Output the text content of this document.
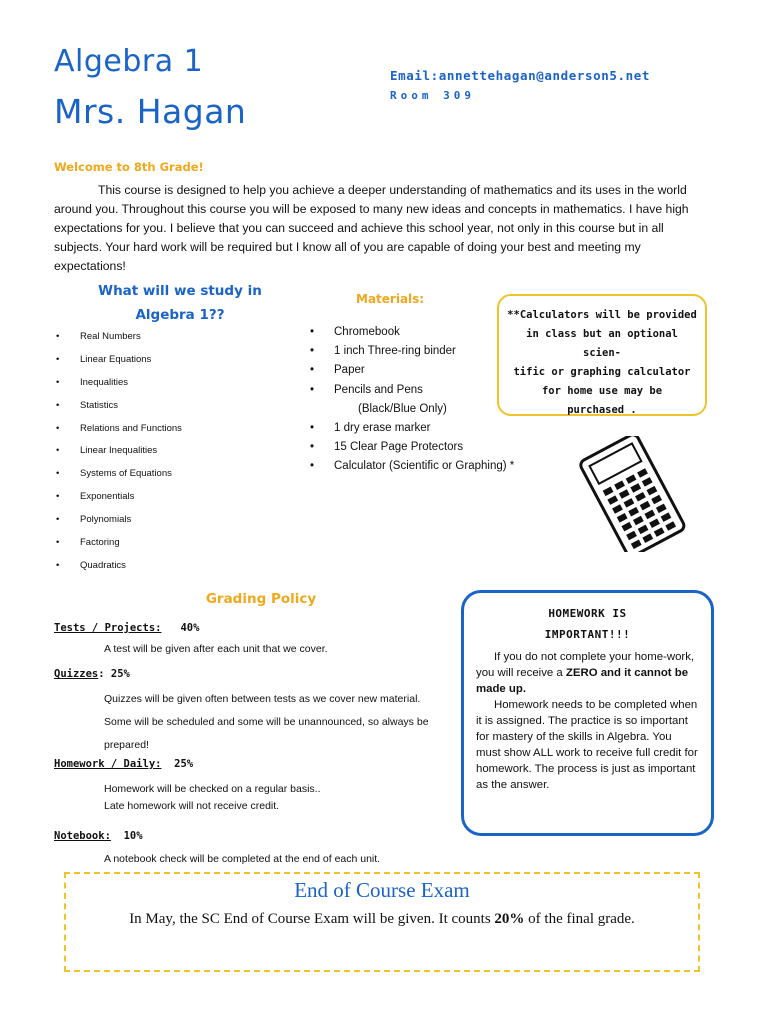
Algebra 1
Mrs. Hagan
Email:annettehagan@anderson5.net
Room 309
Welcome to 8th Grade!
This course is designed to help you achieve a deeper understanding of mathematics and its uses in the world around you. Throughout this course you will be exposed to many new ideas and concepts in mathematics. I have high expectations for you. I believe that you can succeed and achieve this school year, not only in this course but in all subjects. Your hard work will be required but I know all of you are capable of doing your best and meeting my expectations!
What will we study in
Algebra 1??
• Real Numbers
• Linear Equations
• Inequalities
• Statistics
• Relations and Functions
• Linear Inequalities
• Systems of Equations
• Exponentials
• Polynomials
• Factoring
• Quadratics
Materials:
• Chromebook
• 1 inch Three-ring binder
• Paper
• Pencils and Pens
(Black/Blue Only)
• 1 dry erase marker
• 15 Clear Page Protectors
• Calculator (Scientific or Graphing) *
**Calculators will be provided
in class but an optional scien-
tific or graphing calculator
for home use may be
purchased .
Grading Policy
Tests / Projects: 40%
A test will be given after each unit that we cover.
Quizzes: 25%
Quizzes will be given often between tests as we cover new material. Some will be scheduled and some will be unannounced, so always be prepared!
Homework / Daily: 25%
Homework will be checked on a regular basis..
Late homework will not receive credit.
Notebook: 10%
A notebook check will be completed at the end of each unit.
HOMEWORK IS
IMPORTANT!!!

If you do not complete your home-work, you will receive a ZERO and it cannot be made up.

Homework needs to be completed when it is assigned. The practice is so important for mastery of the skills in Algebra. You must show ALL work to receive full credit for homework. The process is just as important as the answer.

End of Course Exam
In May, the SC End of Course Exam will be given. It counts 20% of the final grade.
